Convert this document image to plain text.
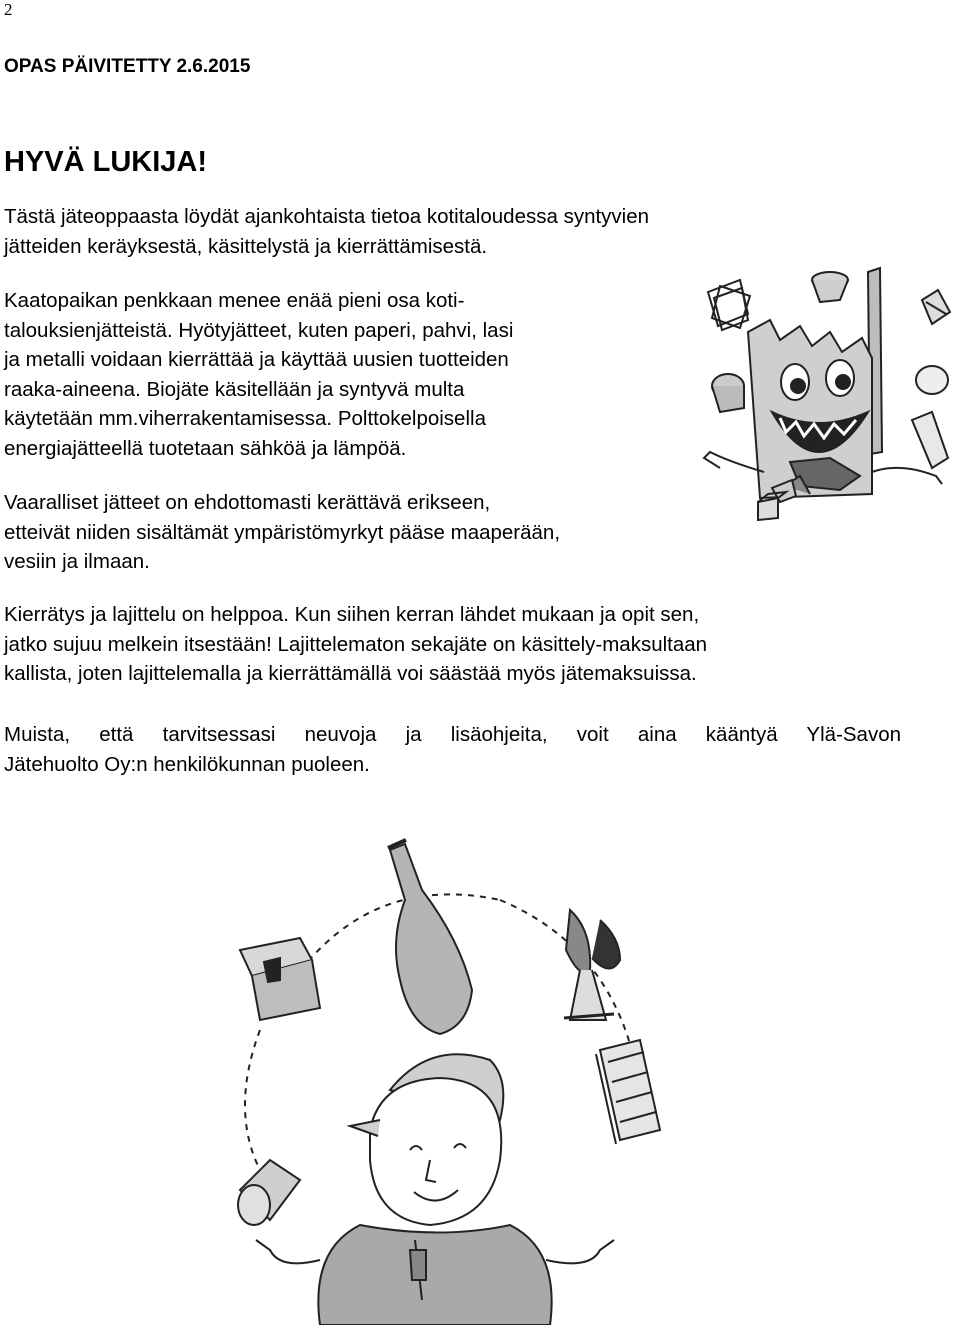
2
OPAS PÄIVITETTY 2.6.2015
HYVÄ LUKIJA!

Tästä jäteoppaasta löydät ajankohtaista tietoa kotitaloudessa syntyvien
jätteiden keräyksestä, käsittelystä ja kierrättämisestä.

Kaatopaikan penkkaan menee enää pieni osa koti-
talouksienjätteistä. Hyötyjätteet, kuten paperi, pahvi, lasi
ja metalli voidaan kierrättää ja käyttää uusien tuotteiden
raaka-aineena. Biojäte käsitellään ja syntyvä multa
käytetään mm.viherrakentamisessa. Polttokelpoisella
energiajätteellä tuotetaan sähköä ja lämpöä.

Vaaralliset jätteet on ehdottomasti kerättävä erikseen,
etteivät niiden sisältämät ympäristömyrkyt pääse maaperään,
vesiin ja ilmaan.

Kierrätys ja lajittelu on helppoa. Kun siihen kerran lähdet mukaan ja opit sen,
jatko sujuu melkein itsestään! Lajittelematon sekajäte on käsittely-maksultaan
kallista, joten lajittelemalla ja kierrättämällä voi säästää myös jätemaksuissa.

Muista, että tarvitsessasi neuvoja ja lisäohjeita, voit aina kääntyä Ylä-Savon
Jätehuolto Oy:n henkilökunnan puoleen.
